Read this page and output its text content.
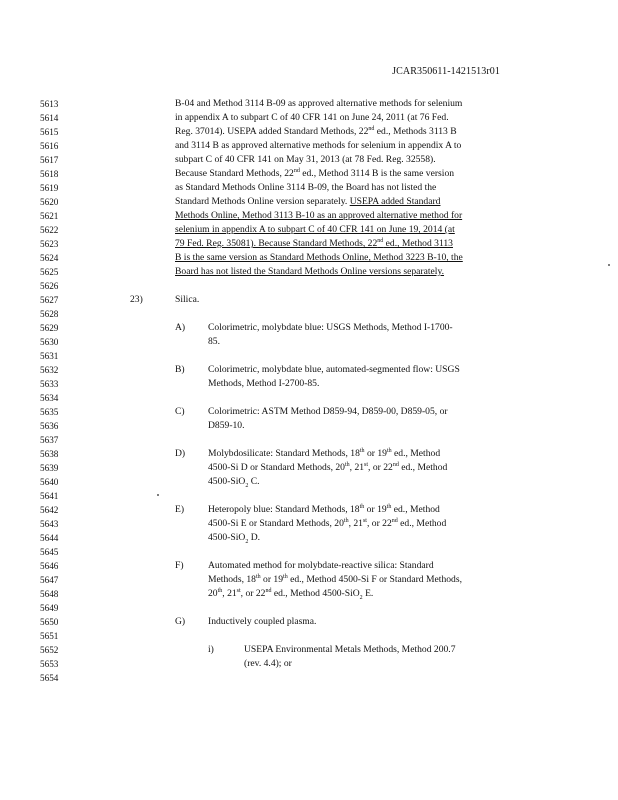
JCAR350611-1421513r01
5613
5614
5615
5616
5617
5618
5619
5620
5621
5622
5623
5624
5625
5626
5627
5628
5629
5630
5631
5632
5633
5634
5635
5636
5637
5638
5639
5640
5641
5642
5643
5644
5645
5646
5647
5648
5649
5650
5651
5652
5653
5654
B-04 and Method 3114 B-09 as approved alternative methods for selenium
in appendix A to subpart C of 40 CFR 141 on June 24, 2011 (at 76 Fed.
Reg. 37014). USEPA added Standard Methods, 22nd ed., Methods 3113 B
and 3114 B as approved alternative methods for selenium in appendix A to
subpart C of 40 CFR 141 on May 31, 2013 (at 78 Fed. Reg. 32558).
Because Standard Methods, 22nd ed., Method 3114 B is the same version
as Standard Methods Online 3114 B-09, the Board has not listed the
Standard Methods Online version separately. USEPA added Standard
Methods Online, Method 3113 B-10 as an approved alternative method for
selenium in appendix A to subpart C of 40 CFR 141 on June 19, 2014 (at
79 Fed. Reg. 35081). Because Standard Methods, 22nd ed., Method 3113
B is the same version as Standard Methods Online, Method 3223 B-10, the
Board has not listed the Standard Methods Online versions separately.
23)	Silica.
A) Colorimetric, molybdate blue: USGS Methods, Method I-1700-
85.
B) Colorimetric, molybdate blue, automated-segmented flow: USGS
Methods, Method I-2700-85.
C) Colorimetric: ASTM Method D859-94, D859-00, D859-05, or
D859-10.
D) Molybdosilicate: Standard Methods, 18th or 19th ed., Method
4500-Si D or Standard Methods, 20th, 21st, or 22nd ed., Method
4500-SiO$_2$ C.
E) Heteropoly blue: Standard Methods, 18th or 19th ed., Method
4500-Si E or Standard Methods, 20th, 21st, or 22nd ed., Method
4500-SiO$_2$ D.
F)	Automated method for molybdate-reactive silica: Standard
Methods, 18th or 19th ed., Method 4500-Si F or Standard Methods,
20th, 21st, or 22nd ed., Method 4500-SiO$_2$ E.
G) Inductively coupled plasma.
i)	USEPA Environmental Metals Methods, Method 200.7
(rev. 4.4); or
